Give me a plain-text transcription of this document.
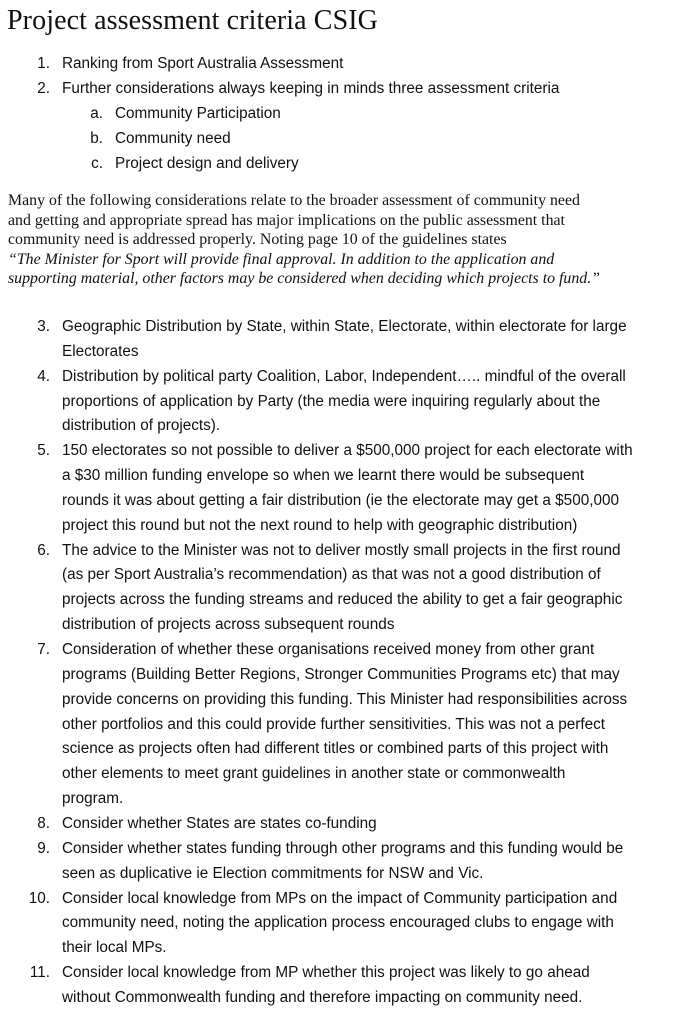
Project assessment criteria CSIG
1. Ranking from Sport Australia Assessment
2. Further considerations always keeping in minds three assessment criteria
a. Community Participation
b. Community need
c. Project design and delivery
Many of the following considerations relate to the broader assessment of community need and getting and appropriate spread has major implications on the public assessment that community need is addressed properly. Noting page 10 of the guidelines states “The Minister for Sport will provide final approval. In addition to the application and supporting material, other factors may be considered when deciding which projects to fund.”
3. Geographic Distribution by State, within State, Electorate, within electorate for large
Electorates
4. Distribution by political party Coalition, Labor, Independent….. mindful of the overall
proportions of application by Party (the media were inquiring regularly about the
distribution of projects).
5. 150 electorates so not possible to deliver a $500,000 project for each electorate with
a $30 million funding envelope so when we learnt there would be subsequent
rounds it was about getting a fair distribution (ie the electorate may get a $500,000
project this round but not the next round to help with geographic distribution)
6. The advice to the Minister was not to deliver mostly small projects in the first round
(as per Sport Australia’s recommendation) as that was not a good distribution of
projects across the funding streams and reduced the ability to get a fair geographic
distribution of projects across subsequent rounds
7. Consideration of whether these organisations received money from other grant
programs (Building Better Regions, Stronger Communities Programs etc) that may
provide concerns on providing this funding. This Minister had responsibilities across
other portfolios and this could provide further sensitivities. This was not a perfect
science as projects often had different titles or combined parts of this project with
other elements to meet grant guidelines in another state or commonwealth
program.
8. Consider whether States are states co-funding
9. Consider whether states funding through other programs and this funding would be
seen as duplicative ie Election commitments for NSW and Vic.
10. Consider local knowledge from MPs on the impact of Community participation and
community need, noting the application process encouraged clubs to engage with
their local MPs.
11. Consider local knowledge from MP whether this project was likely to go ahead
without Commonwealth funding and therefore impacting on community need.
